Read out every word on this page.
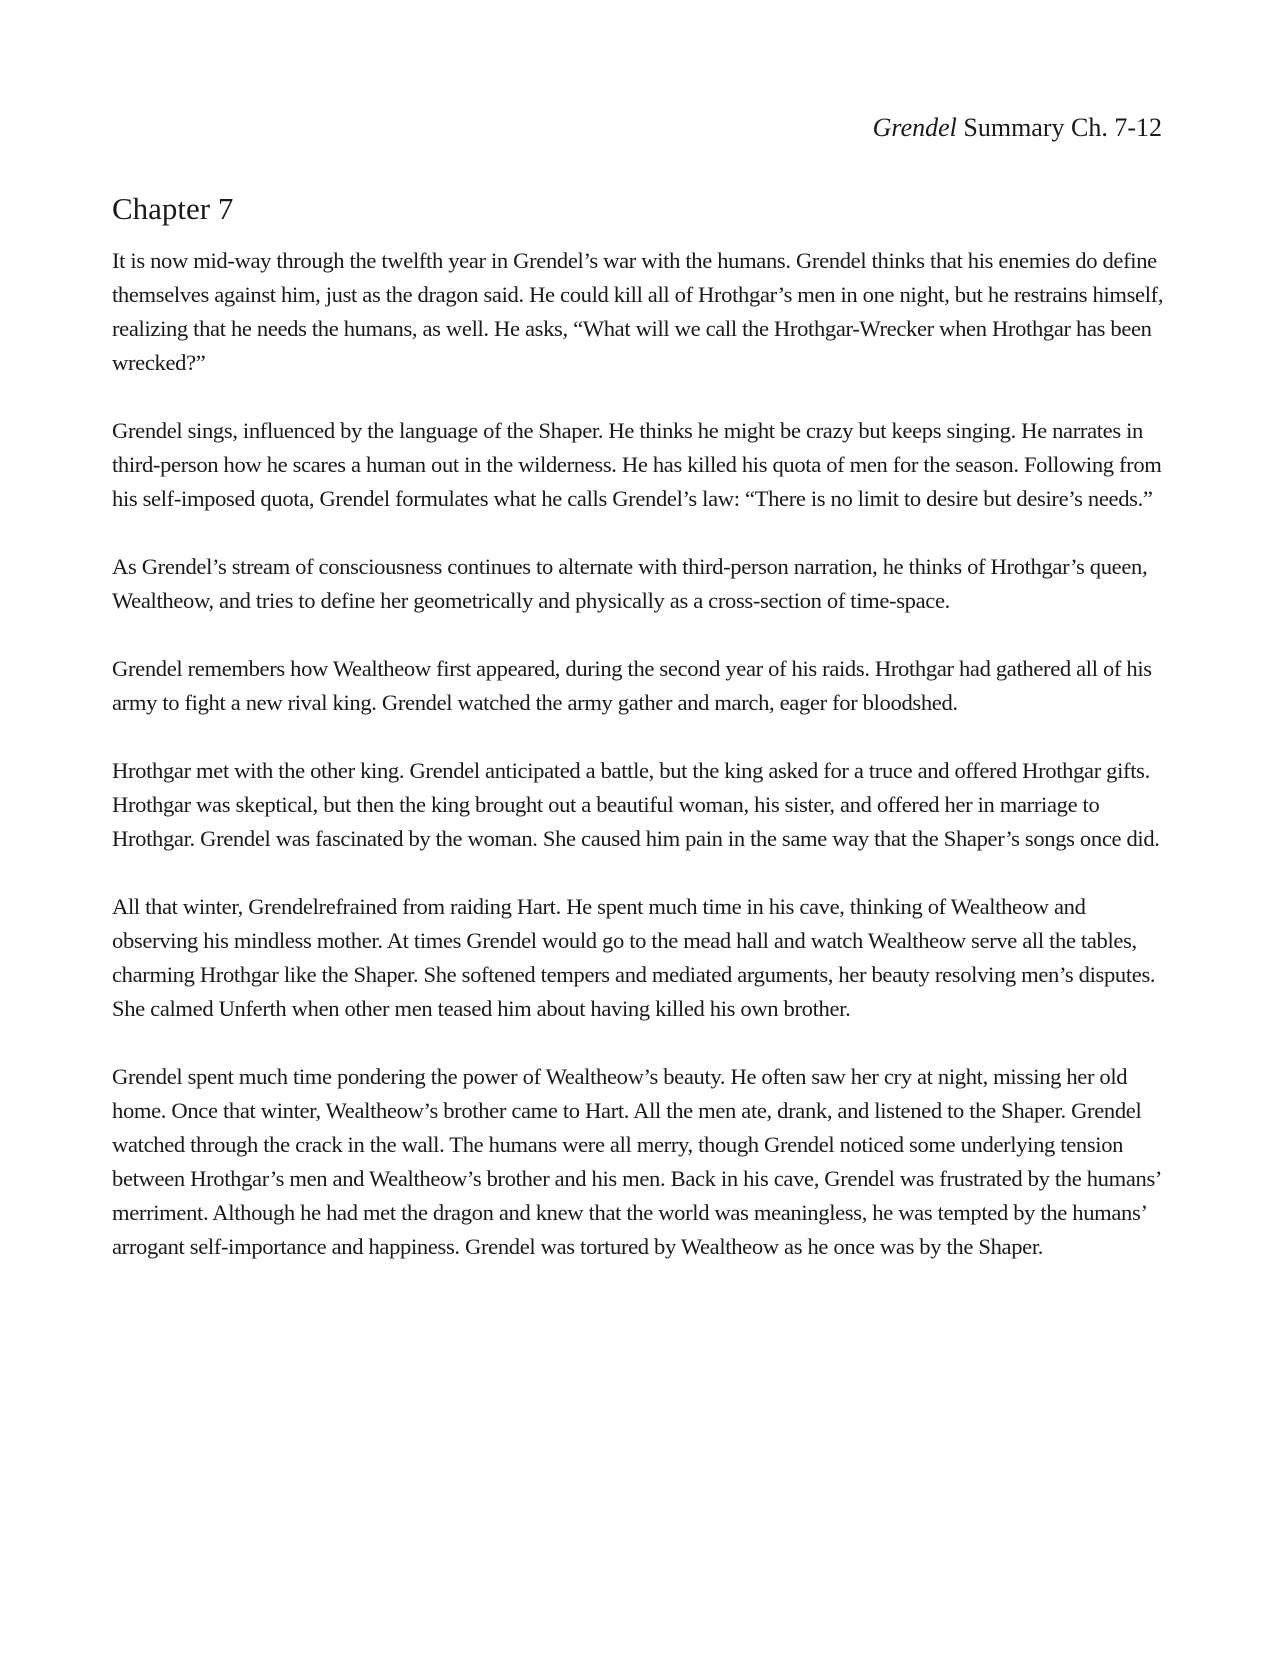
Grendel Summary Ch. 7-12
Chapter 7

It is now mid-way through the twelfth year in Grendel’s war with the humans. Grendel thinks that his enemies do define themselves against him, just as the dragon said. He could kill all of Hrothgar’s men in one night, but he restrains himself, realizing that he needs the humans, as well. He asks, “What will we call the Hrothgar-Wrecker when Hrothgar has been wrecked?”

Grendel sings, influenced by the language of the Shaper. He thinks he might be crazy but keeps singing. He narrates in third-person how he scares a human out in the wilderness. He has killed his quota of men for the season. Following from his self-imposed quota, Grendel formulates what he calls Grendel’s law: “There is no limit to desire but desire’s needs.”

As Grendel’s stream of consciousness continues to alternate with third-person narration, he thinks of Hrothgar’s queen, Wealtheow, and tries to define her geometrically and physically as a cross-section of time-space.

Grendel remembers how Wealtheow first appeared, during the second year of his raids. Hrothgar had gathered all of his army to fight a new rival king. Grendel watched the army gather and march, eager for bloodshed.

Hrothgar met with the other king. Grendel anticipated a battle, but the king asked for a truce and offered Hrothgar gifts. Hrothgar was skeptical, but then the king brought out a beautiful woman, his sister, and offered her in marriage to Hrothgar. Grendel was fascinated by the woman. She caused him pain in the same way that the Shaper’s songs once did.

All that winter, Grendelrefrained from raiding Hart. He spent much time in his cave, thinking of Wealtheow and observing his mindless mother. At times Grendel would go to the mead hall and watch Wealtheow serve all the tables, charming Hrothgar like the Shaper. She softened tempers and mediated arguments, her beauty resolving men’s disputes. She calmed Unferth when other men teased him about having killed his own brother.

Grendel spent much time pondering the power of Wealtheow’s beauty. He often saw her cry at night, missing her old home. Once that winter, Wealtheow’s brother came to Hart. All the men ate, drank, and listened to the Shaper. Grendel watched through the crack in the wall. The humans were all merry, though Grendel noticed some underlying tension between Hrothgar’s men and Wealtheow’s brother and his men. Back in his cave, Grendel was frustrated by the humans’ merriment. Although he had met the dragon and knew that the world was meaningless, he was tempted by the humans’ arrogant self-importance and happiness. Grendel was tortured by Wealtheow as he once was by the Shaper.
